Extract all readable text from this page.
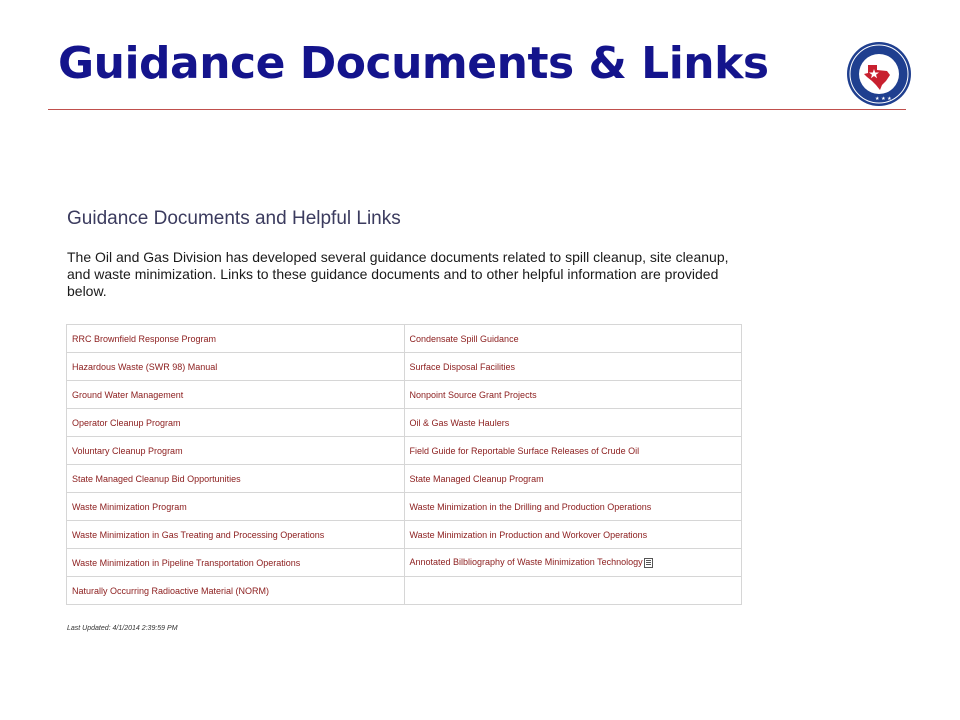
Guidance Documents & Links
★ ★ ★
Guidance Documents and Helpful Links

The Oil and Gas Division has developed several guidance documents related to spill cleanup, site cleanup, and waste minimization. Links to these guidance documents and to other helpful information are provided below.

RRC Brownfield Response Program	Condensate Spill Guidance
Hazardous Waste (SWR 98) Manual	Surface Disposal Facilities
Ground Water Management	Nonpoint Source Grant Projects
Operator Cleanup Program	Oil & Gas Waste Haulers
Voluntary Cleanup Program	Field Guide for Reportable Surface Releases of Crude Oil
State Managed Cleanup Bid Opportunities	State Managed Cleanup Program
Waste Minimization Program	Waste Minimization in the Drilling and Production Operations
Waste Minimization in Gas Treating and Processing Operations	Waste Minimization in Production and Workover Operations
Waste Minimization in Pipeline Transportation Operations	Annotated Bilbliography of Waste Minimization Technology
Naturally Occurring Radioactive Material (NORM)	
Last Updated: 4/1/2014 2:39:59 PM
